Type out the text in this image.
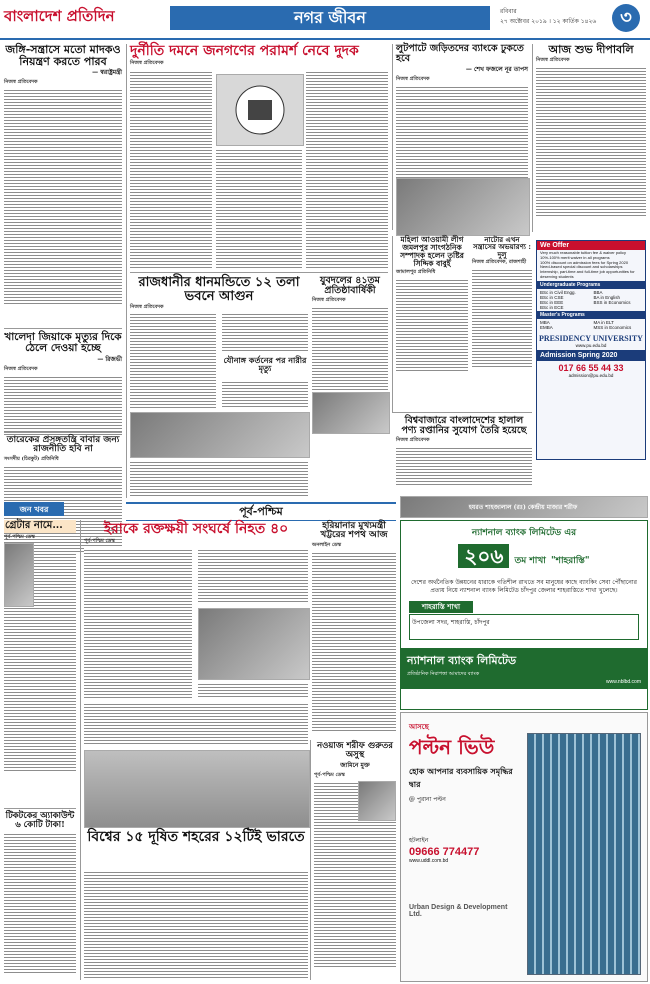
বাংলাদেশ প্রতিদিন	নগর জীবন	রবিবার
২৭ অক্টোবর ২০১৯ । ১২ কার্তিক ১৪২৬	৩
জঙ্গি-সন্ত্রাসে মতো মাদকও নিয়ন্ত্রণ করতে পারব
— স্বরাষ্ট্রমন্ত্রী
নিজস্ব প্রতিবেদক
খালেদা জিয়াকে মৃত্যুর দিকে ঠেলে দেওয়া হচ্ছে
— রিজভী
নিজস্ব প্রতিবেদক
তারেকের প্রসঙ্গতন্ত্রি বাবার জন্য রাজনীতি হবি না
সংসদীয় (চিরকুট) প্রতিনিধি
দুর্নীতি দমনে জনগণের পরামর্শ নেবে দুদক
নিজস্ব প্রতিবেদক
লুটপাটে জড়িতদের ব্যাংকে ঢুকতে হবে
— শেখ ফজলে নূর তাপস
নিজস্ব প্রতিবেদক
আজ শুভ দীপাবলি
নিজস্ব প্রতিবেদক
রাজধানীর ধানমন্ডিতে ১২ তলা ভবনে আগুন
নিজস্ব প্রতিবেদক
যৌনাঙ্গ কর্তনের পর নারীর মৃত্যু
যুবদলের ৪১তম প্রতিষ্ঠাবার্ষিকী
নিজস্ব প্রতিবেদক
মহিলা আওয়ামী লীগ জমলপুর সাংগঠনিক সম্পাদক হলেন তৃষ্টির সিদ্দিক বাবুই
জামালপুর প্রতিনিধি
নাটোর এখন সন্ত্রাসের অভয়ারণ্য : দুলু
নিজস্ব প্রতিবেদক, রাজশাহী
We Offer
Very much reasonable tuition fee & waiver policy
10%-100% merit waiver in all programs
100% discount on admission fees for Spring 2020
Need-based special discount and scholarships
Internship, part-time and full-time job opportunities for deserving students
Undergraduate Programs
BSc in Civil Engg.
BSc in CSE
BSc in EEE
BSc in ECE
BBA
BA in English
BSS in Economics
Master's Programs
MBA
EMBA
MA in ELT
MSS in Economics
PRESIDENCY UNIVERSITY
www.pu.edu.bd
Admission Spring 2020
017 66 55 44 33
admission@pu.edu.bd
বিশ্ববাজারে বাংলাদেশের হালাল পণ্য রপ্তানির সুযোগ তৈরি হয়েছে
নিজস্ব প্রতিবেদক
পূর্ব-পশ্চিম
জন খবর
গ্রেটার নামে...
পূর্ব-পশ্চিম ডেস্ক
টিকটকের অ্যাকাউন্ট ৬ কোটি টাকা!
ইরাকে রক্তক্ষয়ী সংঘর্ষে নিহত ৪০
পূর্ব-পশ্চিম ডেস্ক
হরিয়ানার মুখ্যমন্ত্রী খট্টরের শপথ আজ
অনলাইন ডেস্ক
বিশ্বের ১৫ দূষিত শহরের ১২টিই ভারতে
নওয়াজ শরীফ গুরুতর অসুস্থ
জামিনে মুক্ত
পূর্ব-পশ্চিম ডেস্ক
হযরত শাহজালাল (রঃ) কেন্দ্রীয় মাজার শরীফ
ন্যাশনাল ব্যাংক লিমিটেড এর
২০৬ তম শাখা "শাহরাস্তি"
দেশের অর্থনৈতিক উন্নয়নের ধারাকে গতিশীল রাখতে সব মানুষের কাছে ব্যাংকিং সেবা পৌঁছানোর প্রত্যয় নিয়ে ন্যাশনাল ব্যাংক লিমিটেড চাঁদপুর জেলার শাহরাস্তিতে শাখা খুলেছে।
শাহরাস্তি শাখা
উপজেলা সদর, শাহরাস্তি, চাঁদপুর
ন্যাশনাল ব্যাংক লিমিটেড
প্রতিষ্ঠানিক নিরাপত্তা আমাদের ব্যাংক
www.nblbd.com
আসছে
পল্টন ভিউ
হোক আপনার ব্যবসায়িক সমৃদ্ধির দ্বার
@ পুরানা পল্টন
হটলাইন
09666 774477
www.uddl.com.bd
Urban Design & Development Ltd.
